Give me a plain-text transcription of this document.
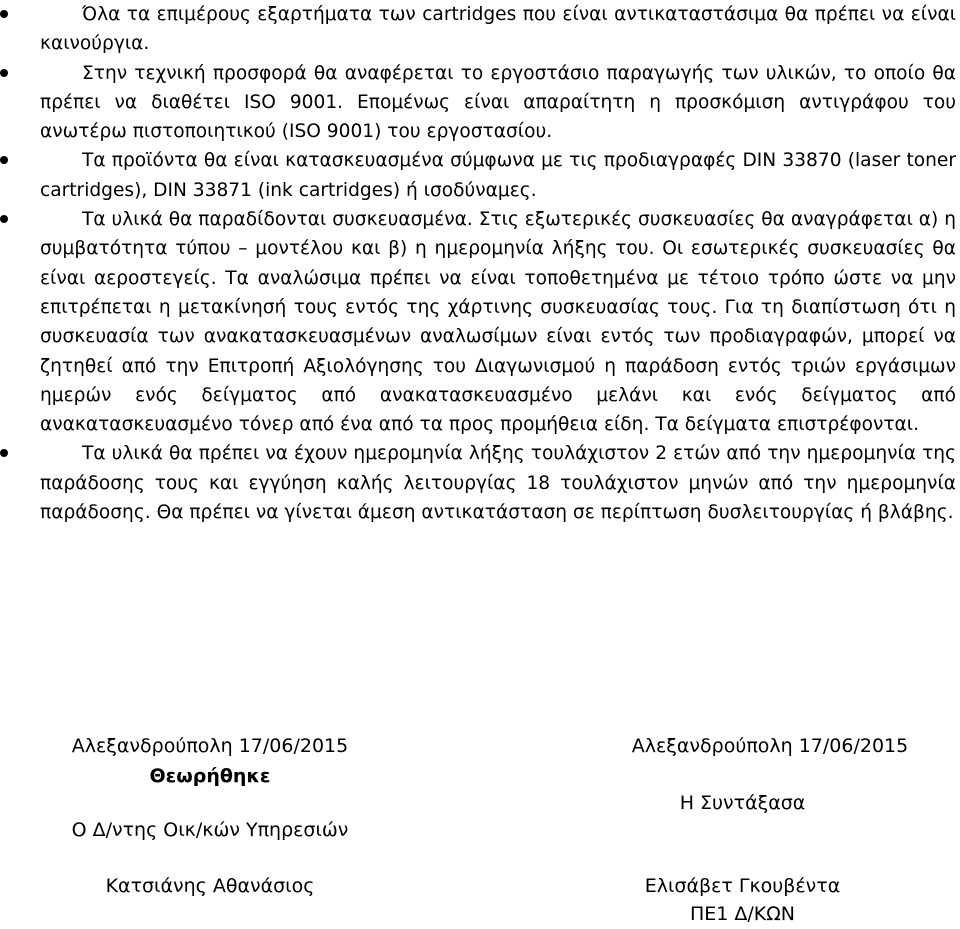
Όλα τα επιμέρους εξαρτήματα των cartridges που είναι αντικαταστάσιμα θα πρέπει να είναι καινούργια.
Στην τεχνική προσφορά θα αναφέρεται το εργοστάσιο παραγωγής των υλικών, το οποίο θα πρέπει να διαθέτει ISO 9001. Επομένως είναι απαραίτητη η προσκόμιση αντιγράφου του ανωτέρω πιστοποιητικού (ISO 9001) του εργοστασίου.
Τα προϊόντα θα είναι κατασκευασμένα σύμφωνα με τις προδιαγραφές DIN 33870 (laser toner cartridges), DIN 33871 (ink cartridges) ή ισοδύναμες.
Τα υλικά θα παραδίδονται συσκευασμένα. Στις εξωτερικές συσκευασίες θα αναγράφεται α) η συμβατότητα τύπου – μοντέλου και β) η ημερομηνία λήξης του. Οι εσωτερικές συσκευασίες θα είναι αεροστεγείς. Τα αναλώσιμα πρέπει να είναι τοποθετημένα με τέτοιο τρόπο ώστε να μην επιτρέπεται η μετακίνησή τους εντός της χάρτινης συσκευασίας τους. Για τη διαπίστωση ότι η συσκευασία των ανακατασκευασμένων αναλωσίμων είναι εντός των προδιαγραφών, μπορεί να ζητηθεί από την Επιτροπή Αξιολόγησης του Διαγωνισμού η παράδοση εντός τριών εργάσιμων ημερών ενός δείγματος από ανακατασκευασμένο μελάνι και ενός δείγματος από ανακατασκευασμένο τόνερ από ένα από τα προς προμήθεια είδη. Τα δείγματα επιστρέφονται.
Τα υλικά θα πρέπει να έχουν ημερομηνία λήξης τουλάχιστον 2 ετών από την ημερομηνία της παράδοσης τους και εγγύηση καλής λειτουργίας 18 τουλάχιστον μηνών από την ημερομηνία παράδοσης. Θα πρέπει να γίνεται άμεση αντικατάσταση σε περίπτωση δυσλειτουργίας ή βλάβης.
Αλεξανδρούπολη 17/06/2015
Θεωρήθηκε
Ο Δ/ντης Οικ/κών Υπηρεσιών
Κατσιάνης Αθανάσιος
Αλεξανδρούπολη 17/06/2015
Η Συντάξασα
Ελισάβετ Γκουβέντα
ΠΕ1 Δ/ΚΩΝ
